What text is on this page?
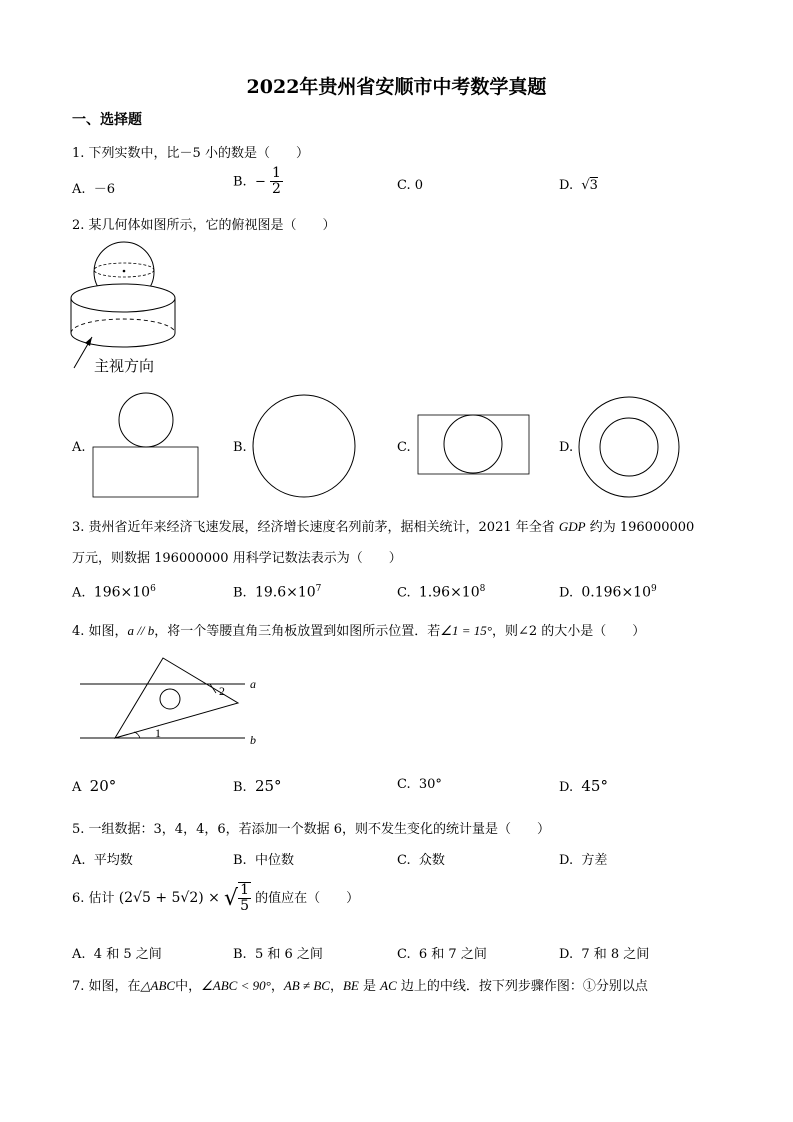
2022年贵州省安顺市中考数学真题
一、选择题
1. 下列实数中，比－5 小的数是（　　）
A. －6
B. − $\frac{1}{2}$	C. 0	D. √3
2. 某几何体如图所示，它的俯视图是（　　）
主视方向
A.	B.	C.	D.
3. 贵州省近年来经济飞速发展，经济增长速度名列前茅，据相关统计，2021 年全省 GDP 约为 196000000
万元，则数据 196000000 用科学记数法表示为（　　）
A. $196\times 10^6$	B. $19.6\times 10^7$	C. $1.96\times 10^8$	D. $0.196\times 10^9$
4. 如图，a // b，将一个等腰直角三角板放置到如图所示位置．若∠1 = 15°，则∠2 的大小是（　　）
a
b
2
1
A 20°	B. 25°	C. 30°	D. 45°
5. 一组数据：3，4，4，6，若添加一个数据 6，则不发生变化的统计量是（　　）
A. 平均数	B. 中位数	C. 众数	D. 方差
6. 估计 (2√5 + 5√2) × √ $\frac{1}{5}$ 的值应在（　　）
A. 4 和 5 之间	B. 5 和 6 之间	C. 6 和 7 之间	D. 7 和 8 之间
7. 如图，在△ABC中，∠ABC < 90°，AB ≠ BC，BE 是 AC 边上的中线．按下列步骤作图：①分别以点
